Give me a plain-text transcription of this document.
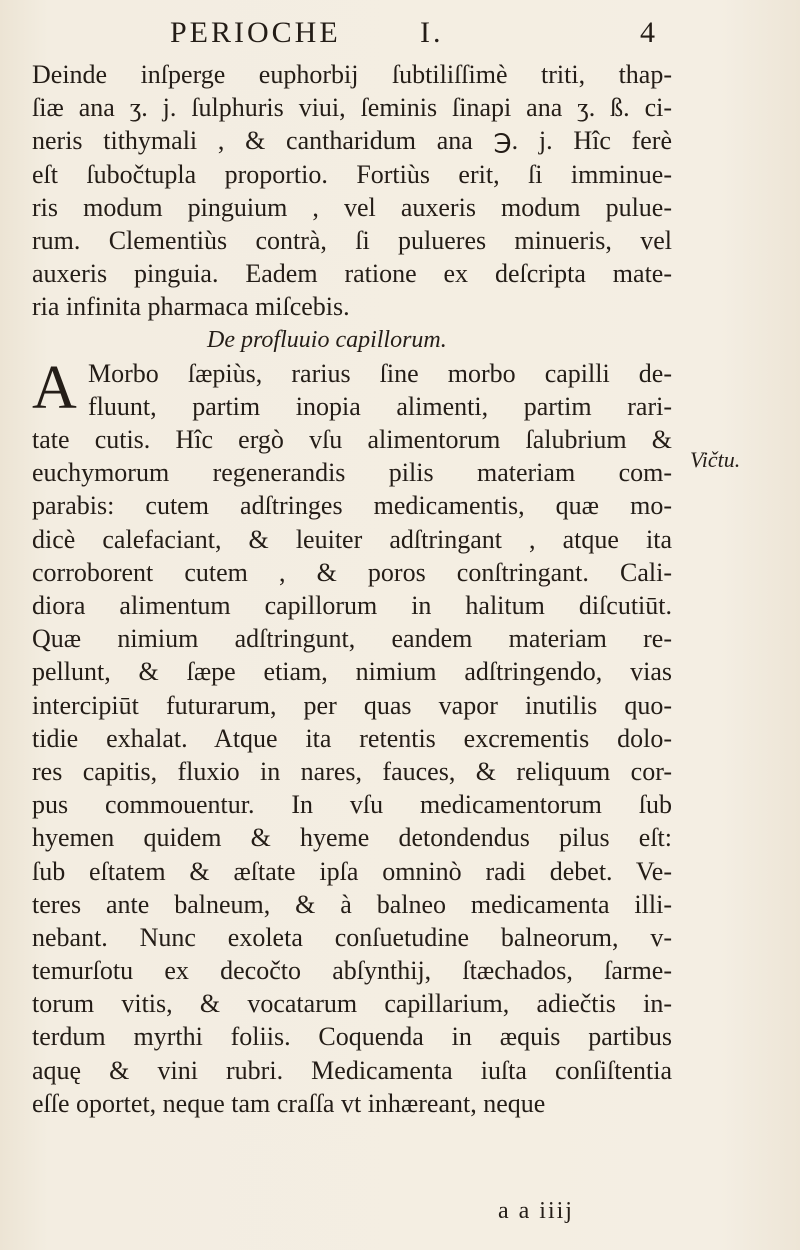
PERIOCHE	I.	4
Deinde inſperge euphorbij ſubtiliſſimè triti, thap-
ſiæ ana ʒ. j. ſulphuris viui, ſeminis ſinapi ana ʒ. ß. ci-
neris tithymali , & cantharidum ana ℈. j. Hîc ferè
eſt ſubočtupla proportio. Fortiùs erit, ſi imminue-
ris modum pinguium , vel auxeris modum pulue-
rum. Clementiùs contrà, ſi pulueres minueris, vel
auxeris pinguia. Eadem ratione ex deſcripta mate-
ria infinita pharmaca miſcebis.
De profluuio capillorum.
A Morbo ſæpiùs, rarius ſine morbo capilli de-
fluunt, partim inopia alimenti, partim rari-
tate cutis. Hîc ergò vſu alimentorum ſalubrium &
euchymorum regenerandis pilis materiam com-
parabis: cutem adſtringes medicamentis, quæ mo-
dicè calefaciant, & leuiter adſtringant , atque ita
corroborent cutem , & poros conſtringant. Cali-
diora alimentum capillorum in halitum diſcutiūt.
Quæ nimium adſtringunt, eandem materiam re-
pellunt, & ſæpe etiam, nimium adſtringendo, vias
intercipiūt futurarum, per quas vapor inutilis quo-
tidie exhalat. Atque ita retentis excrementis dolo-
res capitis, fluxio in nares, fauces, & reliquum cor-
pus commouentur. In vſu medicamentorum ſub
hyemen quidem & hyeme detondendus pilus eſt:
ſub eſtatem & æſtate ipſa omninò radi debet. Ve-
teres ante balneum, & à balneo medicamenta illi-
nebant. Nunc exoleta conſuetudine balneorum, v-
temurſotu ex decočto abſynthij, ſtæchados, ſarme-
torum vitis, & vocatarum capillarium, adiečtis in-
terdum myrthi foliis. Coquenda in æquis partibus
aquę & vini rubri. Medicamenta iuſta conſiſtentia
eſſe oportet, neque tam craſſa vt inhæreant, neque
Vičtu.
a a iiij
